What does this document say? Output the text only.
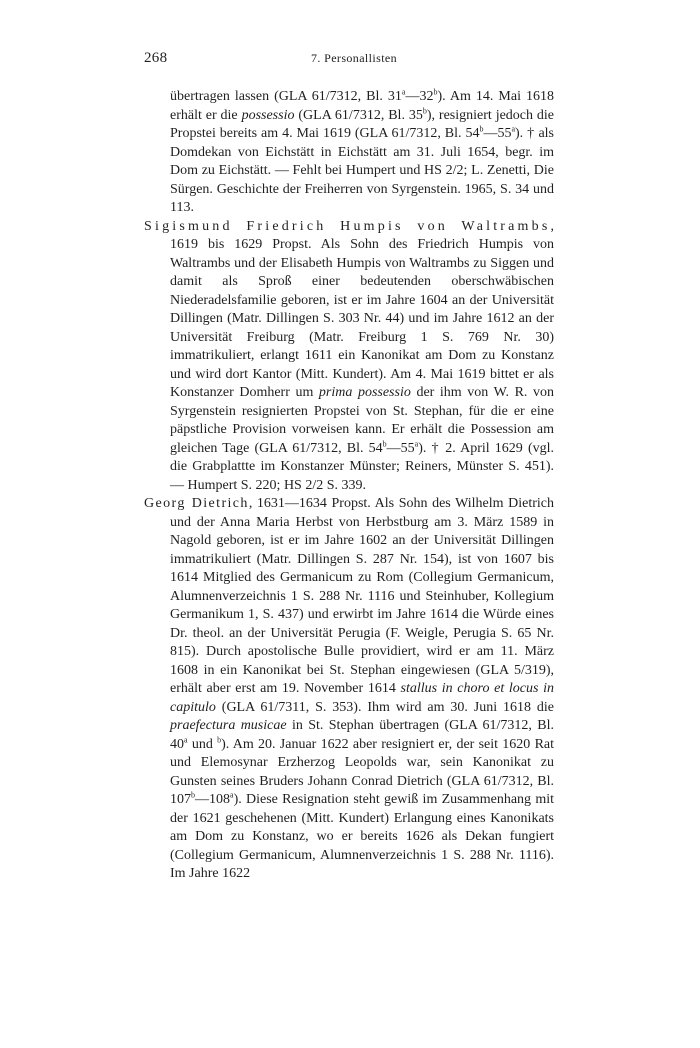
268	7. Personallisten

übertragen lassen (GLA 61/7312, Bl. 31$^a$—32$^b$). Am 14. Mai 1618 erhält er die possessio (GLA 61/7312, Bl. 35$^b$), resigniert jedoch die Propstei bereits am 4. Mai 1619 (GLA 61/7312, Bl. 54$^b$—55$^a$). † als Domdekan von Eichstätt in Eichstätt am 31. Juli 1654, begr. im Dom zu Eichstätt. — Fehlt bei Humpert und HS 2/2; L. Zenetti, Die Sürgen. Geschichte der Freiherren von Syrgenstein. 1965, S. 34 und 113.

Sigismund Friedrich Humpis von Waltrambs, 1619 bis 1629 Propst. Als Sohn des Friedrich Humpis von Waltrambs und der Elisabeth Humpis von Waltrambs zu Siggen und damit als Sproß einer bedeutenden oberschwäbischen Niederadelsfamilie geboren, ist er im Jahre 1604 an der Universität Dillingen (Matr. Dillingen S. 303 Nr. 44) und im Jahre 1612 an der Universität Freiburg (Matr. Freiburg 1 S. 769 Nr. 30) immatrikuliert, erlangt 1611 ein Kanonikat am Dom zu Konstanz und wird dort Kantor (Mitt. Kundert). Am 4. Mai 1619 bittet er als Konstanzer Domherr um prima possessio der ihm von W. R. von Syrgenstein resignierten Propstei von St. Stephan, für die er eine päpstliche Provision vorweisen kann. Er erhält die Possession am gleichen Tage (GLA 61/7312, Bl. 54$^b$—55$^a$). † 2. April 1629 (vgl. die Grabplattte im Konstanzer Münster; Reiners, Münster S. 451). — Humpert S. 220; HS 2/2 S. 339.

Georg Dietrich, 1631—1634 Propst. Als Sohn des Wilhelm Dietrich und der Anna Maria Herbst von Herbstburg am 3. März 1589 in Nagold geboren, ist er im Jahre 1602 an der Universität Dillingen immatrikuliert (Matr. Dillingen S. 287 Nr. 154), ist von 1607 bis 1614 Mitglied des Germanicum zu Rom (Collegium Germanicum, Alumnenverzeichnis 1 S. 288 Nr. 1116 und Steinhuber, Kollegium Germanikum 1, S. 437) und erwirbt im Jahre 1614 die Würde eines Dr. theol. an der Universität Perugia (F. Weigle, Perugia S. 65 Nr. 815). Durch apostolische Bulle providiert, wird er am 11. März 1608 in ein Kanonikat bei St. Stephan eingewiesen (GLA 5/319), erhält aber erst am 19. November 1614 stallus in choro et locus in capitulo (GLA 61/7311, S. 353). Ihm wird am 30. Juni 1618 die praefectura musicae in St. Stephan übertragen (GLA 61/7312, Bl. 40$^a$ und $^b$). Am 20. Januar 1622 aber resigniert er, der seit 1620 Rat und Elemosynar Erzherzog Leopolds war, sein Kanonikat zu Gunsten seines Bruders Johann Conrad Dietrich (GLA 61/7312, Bl. 107$^b$—108$^a$). Diese Resignation steht gewiß im Zusammenhang mit der 1621 geschehenen (Mitt. Kundert) Erlangung eines Kanonikats am Dom zu Konstanz, wo er bereits 1626 als Dekan fungiert (Collegium Germanicum, Alumnenverzeichnis 1 S. 288 Nr. 1116). Im Jahre 1622
